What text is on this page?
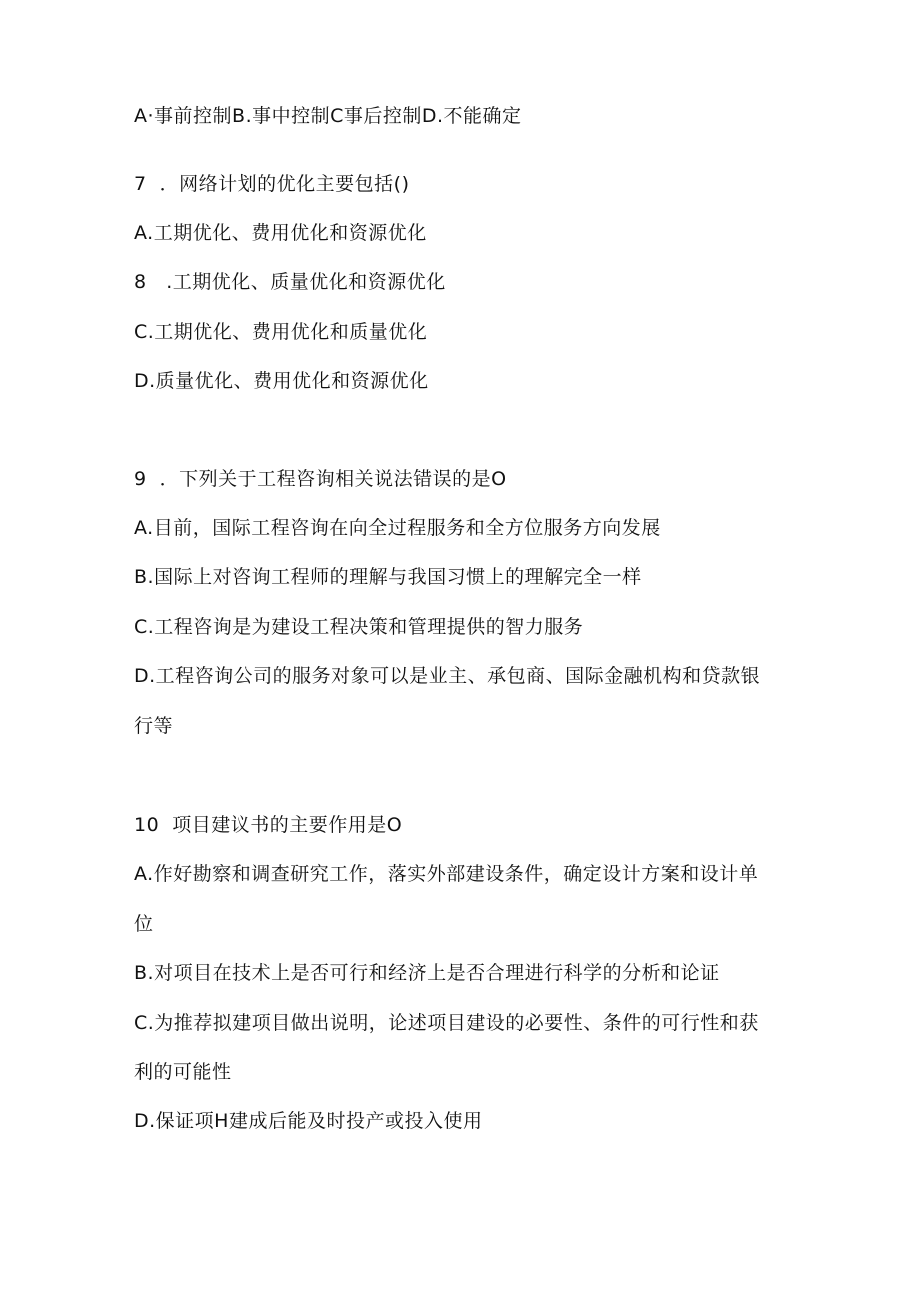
A·事前控制B.事中控制C事后控制D.不能确定
7  ．网络计划的优化主要包括()
A.工期优化、费用优化和资源优化
8   .工期优化、质量优化和资源优化
C.工期优化、费用优化和质量优化
D.质量优化、费用优化和资源优化
9  ．下列关于工程咨询相关说法错误的是O
A.目前，国际工程咨询在向全过程服务和全方位服务方向发展
B.国际上对咨询工程师的理解与我国习惯上的理解完全一样
C.工程咨询是为建设工程决策和管理提供的智力服务
D.工程咨询公司的服务对象可以是业主、承包商、国际金融机构和贷款银
行等
10  项目建议书的主要作用是O
A.作好勘察和调查研究工作，落实外部建设条件，确定设计方案和设计单
位
B.对项目在技术上是否可行和经济上是否合理进行科学的分析和论证
C.为推荐拟建项目做出说明，论述项目建设的必要性、条件的可行性和获
利的可能性
D.保证项H建成后能及时投产或投入使用
